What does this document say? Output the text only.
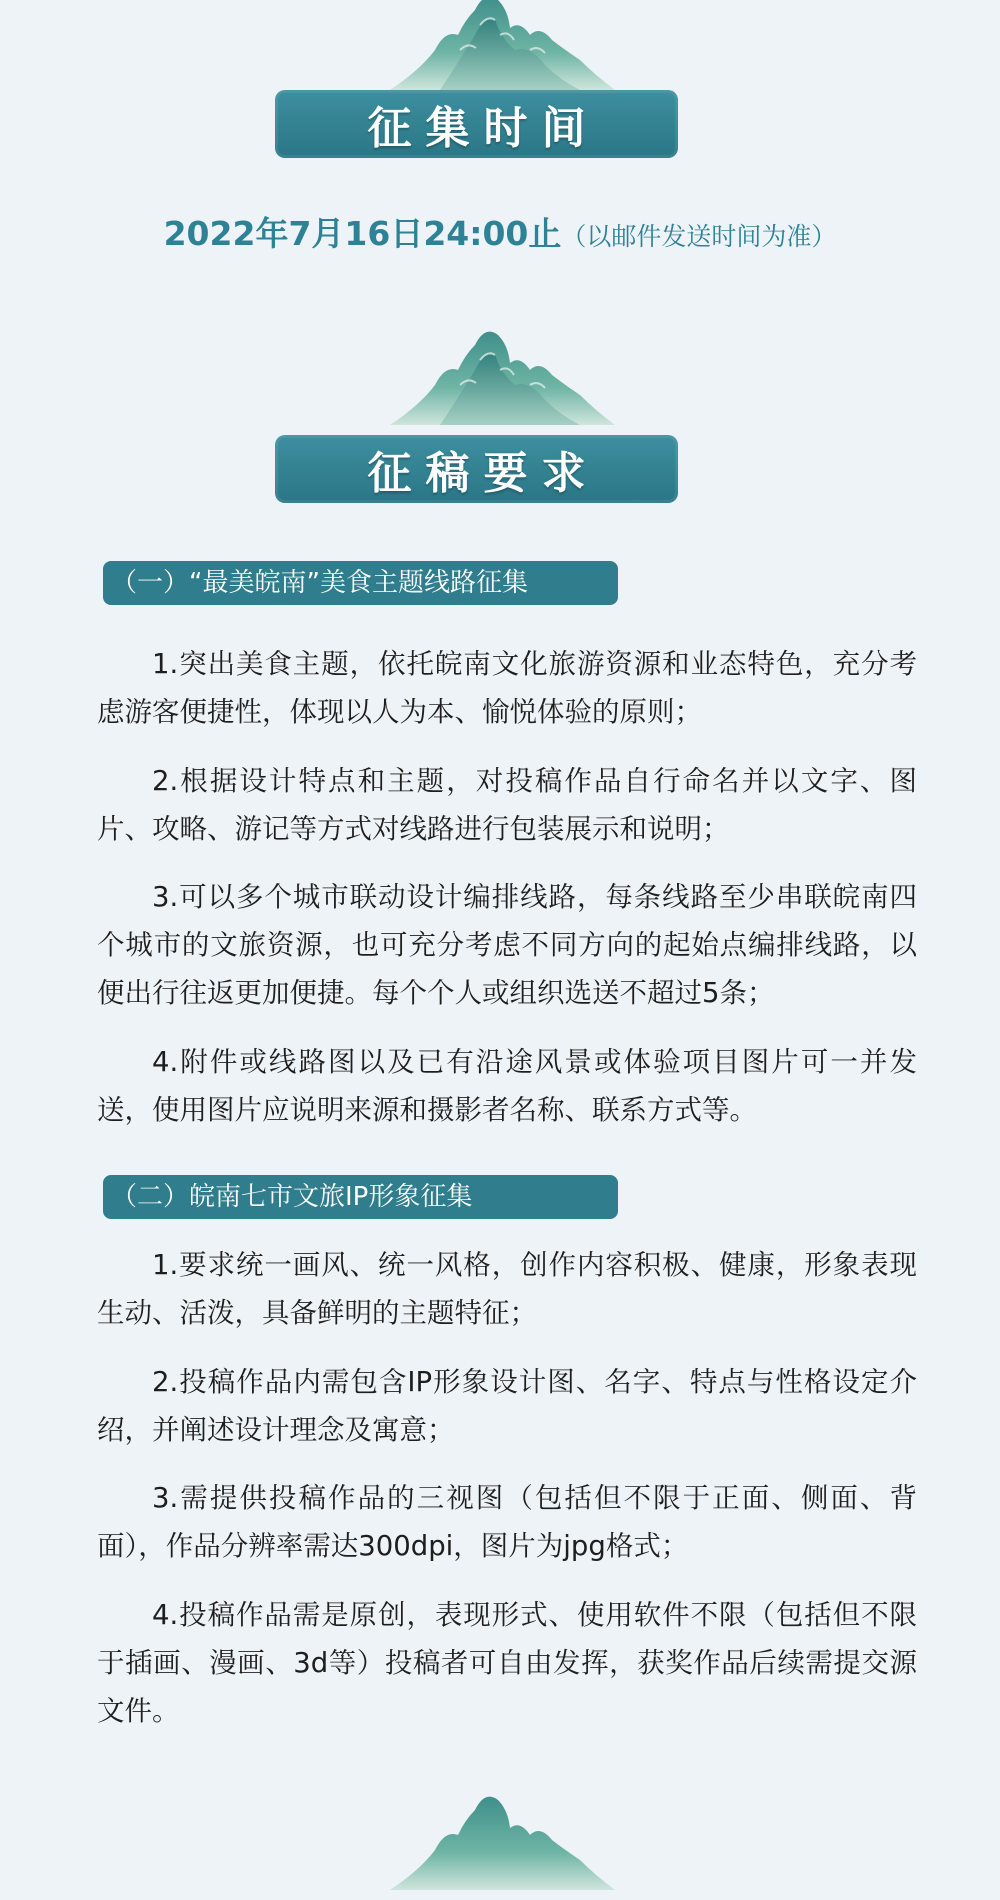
征集时间
2022年7月16日24:00止（以邮件发送时间为准）
征稿要求
（一）“最美皖南”美食主题线路征集
1.突出美食主题，依托皖南文化旅游资源和业态特色，充分考虑游客便捷性，体现以人为本、愉悦体验的原则；
2.根据设计特点和主题，对投稿作品自行命名并以文字、图片、攻略、游记等方式对线路进行包装展示和说明；
3.可以多个城市联动设计编排线路，每条线路至少串联皖南四个城市的文旅资源，也可充分考虑不同方向的起始点编排线路，以便出行往返更加便捷。每个个人或组织选送不超过5条；
4.附件或线路图以及已有沿途风景或体验项目图片可一并发送，使用图片应说明来源和摄影者名称、联系方式等。
（二）皖南七市文旅IP形象征集
1.要求统一画风、统一风格，创作内容积极、健康，形象表现生动、活泼，具备鲜明的主题特征；
2.投稿作品内需包含IP形象设计图、名字、特点与性格设定介绍，并阐述设计理念及寓意；
3.需提供投稿作品的三视图（包括但不限于正面、侧面、背面），作品分辨率需达300dpi，图片为jpg格式；
4.投稿作品需是原创，表现形式、使用软件不限（包括但不限于插画、漫画、3d等）投稿者可自由发挥，获奖作品后续需提交源文件。
